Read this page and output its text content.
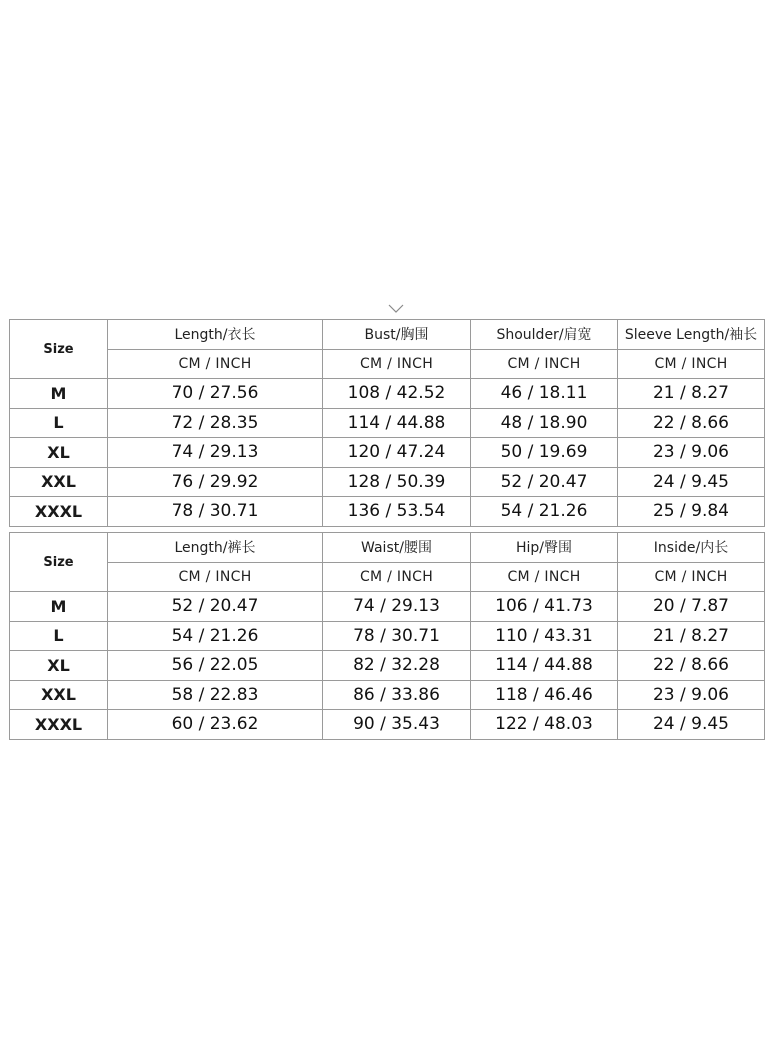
Size	Length/衣长	Bust/胸围	Shoulder/肩宽	Sleeve Length/袖长
	CM / INCH	CM / INCH	CM / INCH	CM / INCH
M	70 / 27.56	108 / 42.52	46 / 18.11	21 / 8.27
L	72 / 28.35	114 / 44.88	48 / 18.90	22 / 8.66
XL	74 / 29.13	120 / 47.24	50 / 19.69	23 / 9.06
XXL	76 / 29.92	128 / 50.39	52 / 20.47	24 / 9.45
XXXL	78 / 30.71	136 / 53.54	54 / 21.26	25 / 9.84
Size	Length/裤长	Waist/腰围	Hip/臀围	Inside/内长
	CM / INCH	CM / INCH	CM / INCH	CM / INCH
M	52 / 20.47	74 / 29.13	106 / 41.73	20 / 7.87
L	54 / 21.26	78 / 30.71	110 / 43.31	21 / 8.27
XL	56 / 22.05	82 / 32.28	114 / 44.88	22 / 8.66
XXL	58 / 22.83	86 / 33.86	118 / 46.46	23 / 9.06
XXXL	60 / 23.62	90 / 35.43	122 / 48.03	24 / 9.45
